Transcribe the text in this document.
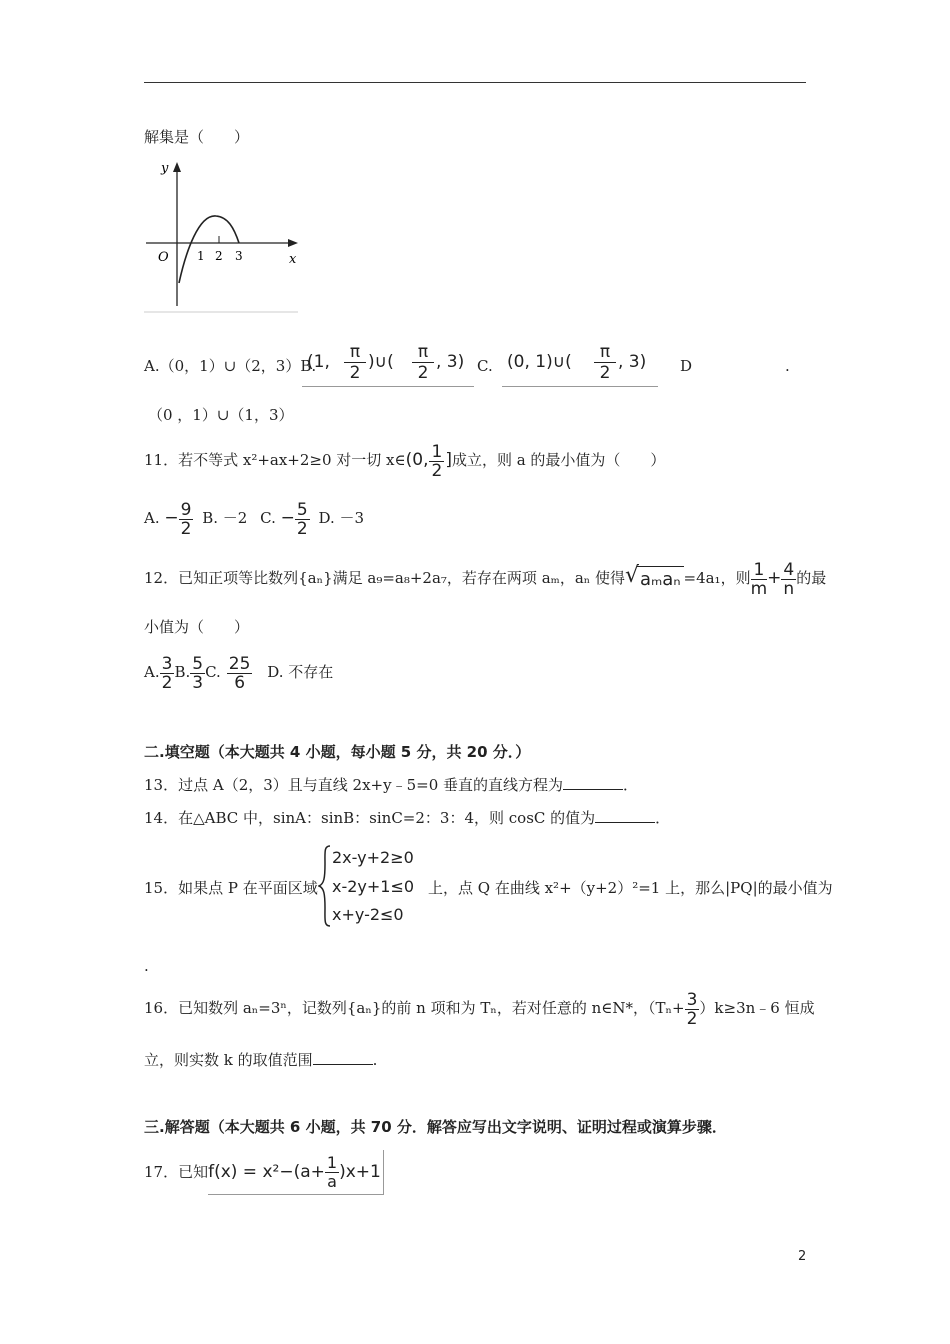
解集是（　　）
y
x
O 1 2 3
A.（0，1）∪（2，3）B.
(1,	π
2
)∪(	π
2
, 3) C. (0, 1)∪(	π
2
, 3) D	.
（0 ，1）∪（1，3）
11．若不等式 x²+ax+2≥0 对一切 x∈(0, $\frac{1}{2}$ ]成立，则 a 的最小值为（　　）
A. − $\frac{9}{2} B$. －2 C. − $\frac{5}{2} D$. －3
12．已知正项等比数列{aₙ}满足 a₉=a₈+2a₇，若存在两项 aₘ，aₙ 使得 √ aₘaₙ =4a₁，则 $\frac{1}{m} + \frac{4}{n}$ 的最
小值为（　　）
A. $\frac{3}{2} B$. $\frac{5}{3} C$. $\frac{25}{6} D$. 不存在
二.填空题（本大题共 4 小题，每小题 5 分，共 20 分．）
13．过点 A（2，3）且与直线 2x+y﹣5=0 垂直的直线方程为	．
14．在△ABC 中，sinA：sinB：sinC=2：3：4，则 cosC 的值为	．
15．如果点 P 在平面区域
2x-y+2≥0
x-2y+1≤0
x+y-2≤0
上，点 Q 在曲线 x²+（y+2）²=1 上，那么|PQ|的最小值为
.
16．已知数列 aₙ=3ⁿ，记数列{aₙ}的前 n 项和为 Tₙ，若对任意的 n∈N*，（$T_n+ \frac{3}{2}$ ）k≥3n﹣6 恒成
立，则实数 k 的取值范围	.
三.解答题（本大题共 6 小题，共 70 分．解答应写出文字说明、证明过程或演算步骤．
17．已知$f(x) = x^2-(a+ \frac{1}{a} )x+1$
2
